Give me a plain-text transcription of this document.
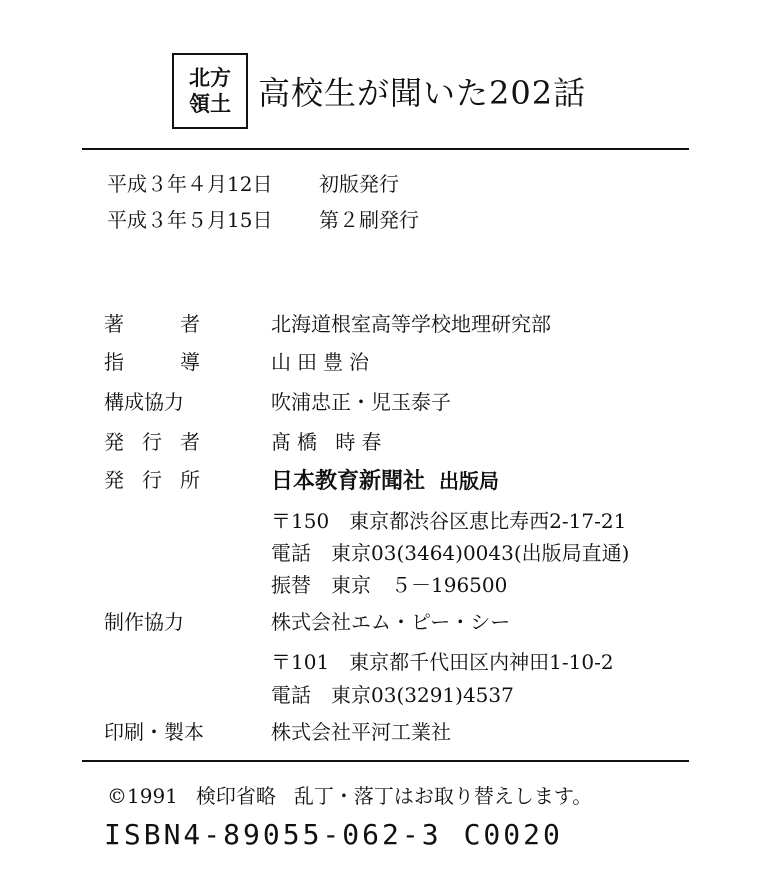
北方
領土 高校生が聞いた202話
平成３年４月12日 初版発行
平成３年５月15日 第２刷発行
著	者	北海道根室高等学校地理研究部
指	導	山田豊治
構成協力	吹浦忠正・児玉泰子
発 行 者	髙橋 時春
発 行 所	日本教育新聞社 出版局
〒150　東京都渋谷区恵比寿西2-17-21
電話　東京03(3464)0043(出版局直通)
振替　東京　５－196500
制作協力	株式会社エム・ピー・シー
〒101　東京都千代田区内神田1-10-2
電話　東京03(3291)4537
印刷・製本	株式会社平河工業社
©1991 検印省略 乱丁・落丁はお取り替えします。
ISBN4-89055-062-3 C0020
